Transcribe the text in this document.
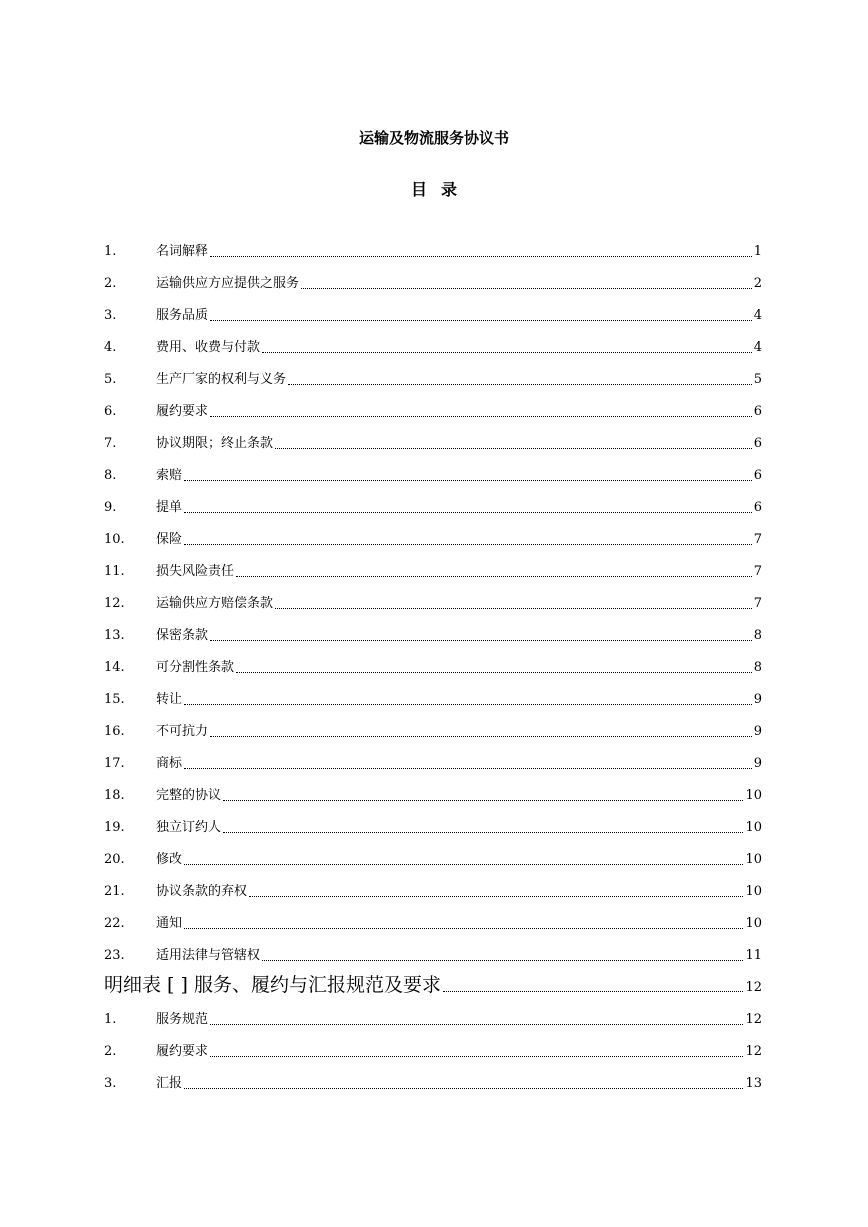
运输及物流服务协议书
目录
1.	名词解释	1
2.	运输供应方应提供之服务	2
3.	服务品质	4
4.	费用、收费与付款	4
5.	生产厂家的权利与义务	5
6.	履约要求	6
7.	协议期限；终止条款	6
8.	索赔	6
9.	提单	6
10.	保险	7
11.	损失风险责任	7
12.	运输供应方赔偿条款	7
13.	保密条款	8
14.	可分割性条款	8
15.	转让	9
16.	不可抗力	9
17.	商标	9
18.	完整的协议	10
19.	独立订约人	10
20.	修改	10
21.	协议条款的弃权	10
22.	通知	10
23.	适用法律与管辖权	11
明细表 [ ] 服务、履约与汇报规范及要求	12
1.	服务规范	12
2.	履约要求	12
3.	汇报	13
